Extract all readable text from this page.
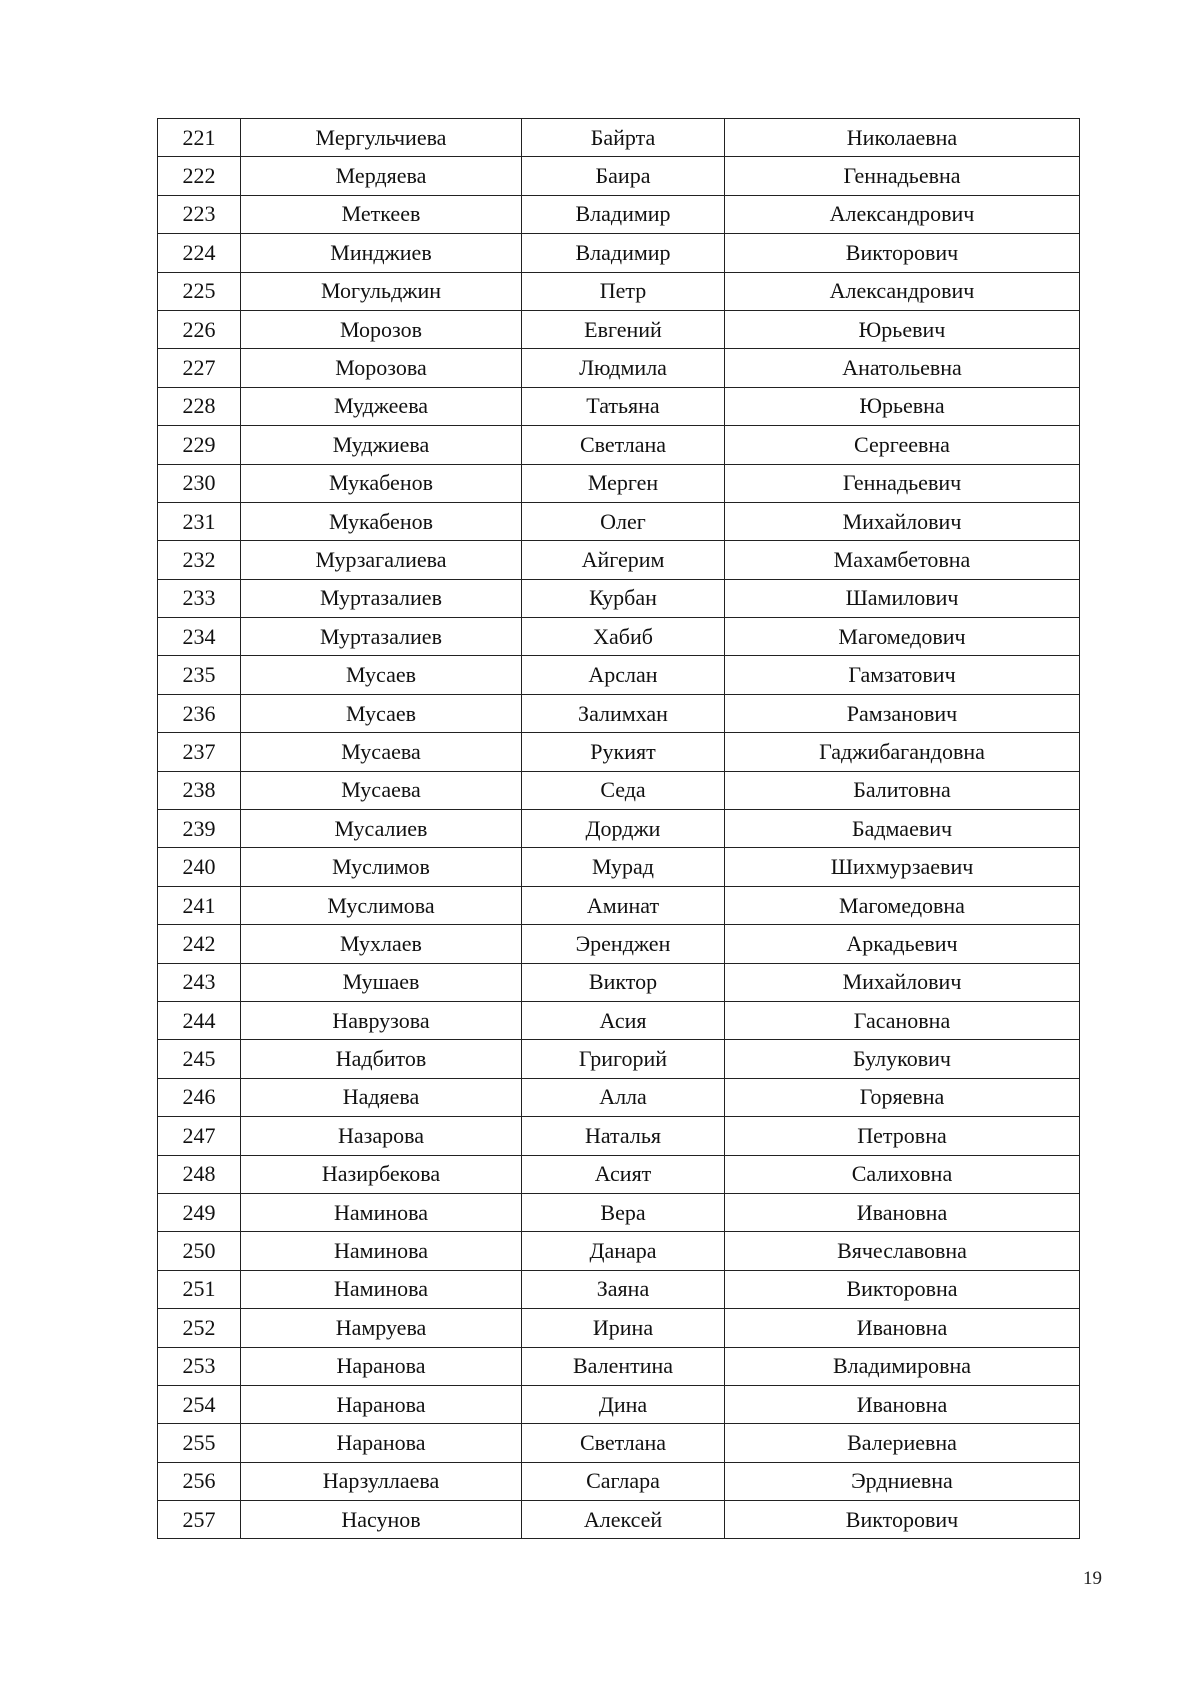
221	Мергульчиева	Байрта	Николаевна
222	Мердяева	Баира	Геннадьевна
223	Меткеев	Владимир	Александрович
224	Минджиев	Владимир	Викторович
225	Могульджин	Петр	Александрович
226	Морозов	Евгений	Юрьевич
227	Морозова	Людмила	Анатольевна
228	Муджеева	Татьяна	Юрьевна
229	Муджиева	Светлана	Сергеевна
230	Мукабенов	Мерген	Геннадьевич
231	Мукабенов	Олег	Михайлович
232	Мурзагалиева	Айгерим	Махамбетовна
233	Муртазалиев	Курбан	Шамилович
234	Муртазалиев	Хабиб	Магомедович
235	Мусаев	Арслан	Гамзатович
236	Мусаев	Залимхан	Рамзанович
237	Мусаева	Рукият	Гаджибагандовна
238	Мусаева	Седа	Балитовна
239	Мусалиев	Дорджи	Бадмаевич
240	Муслимов	Мурад	Шихмурзаевич
241	Муслимова	Аминат	Магомедовна
242	Мухлаев	Эренджен	Аркадьевич
243	Мушаев	Виктор	Михайлович
244	Наврузова	Асия	Гасановна
245	Надбитов	Григорий	Булукович
246	Надяева	Алла	Горяевна
247	Назарова	Наталья	Петровна
248	Назирбекова	Асият	Салиховна
249	Наминова	Вера	Ивановна
250	Наминова	Данара	Вячеславовна
251	Наминова	Заяна	Викторовна
252	Намруева	Ирина	Ивановна
253	Наранова	Валентина	Владимировна
254	Наранова	Дина	Ивановна
255	Наранова	Светлана	Валериевна
256	Нарзуллаева	Саглара	Эрдниевна
257	Насунов	Алексей	Викторович
19
